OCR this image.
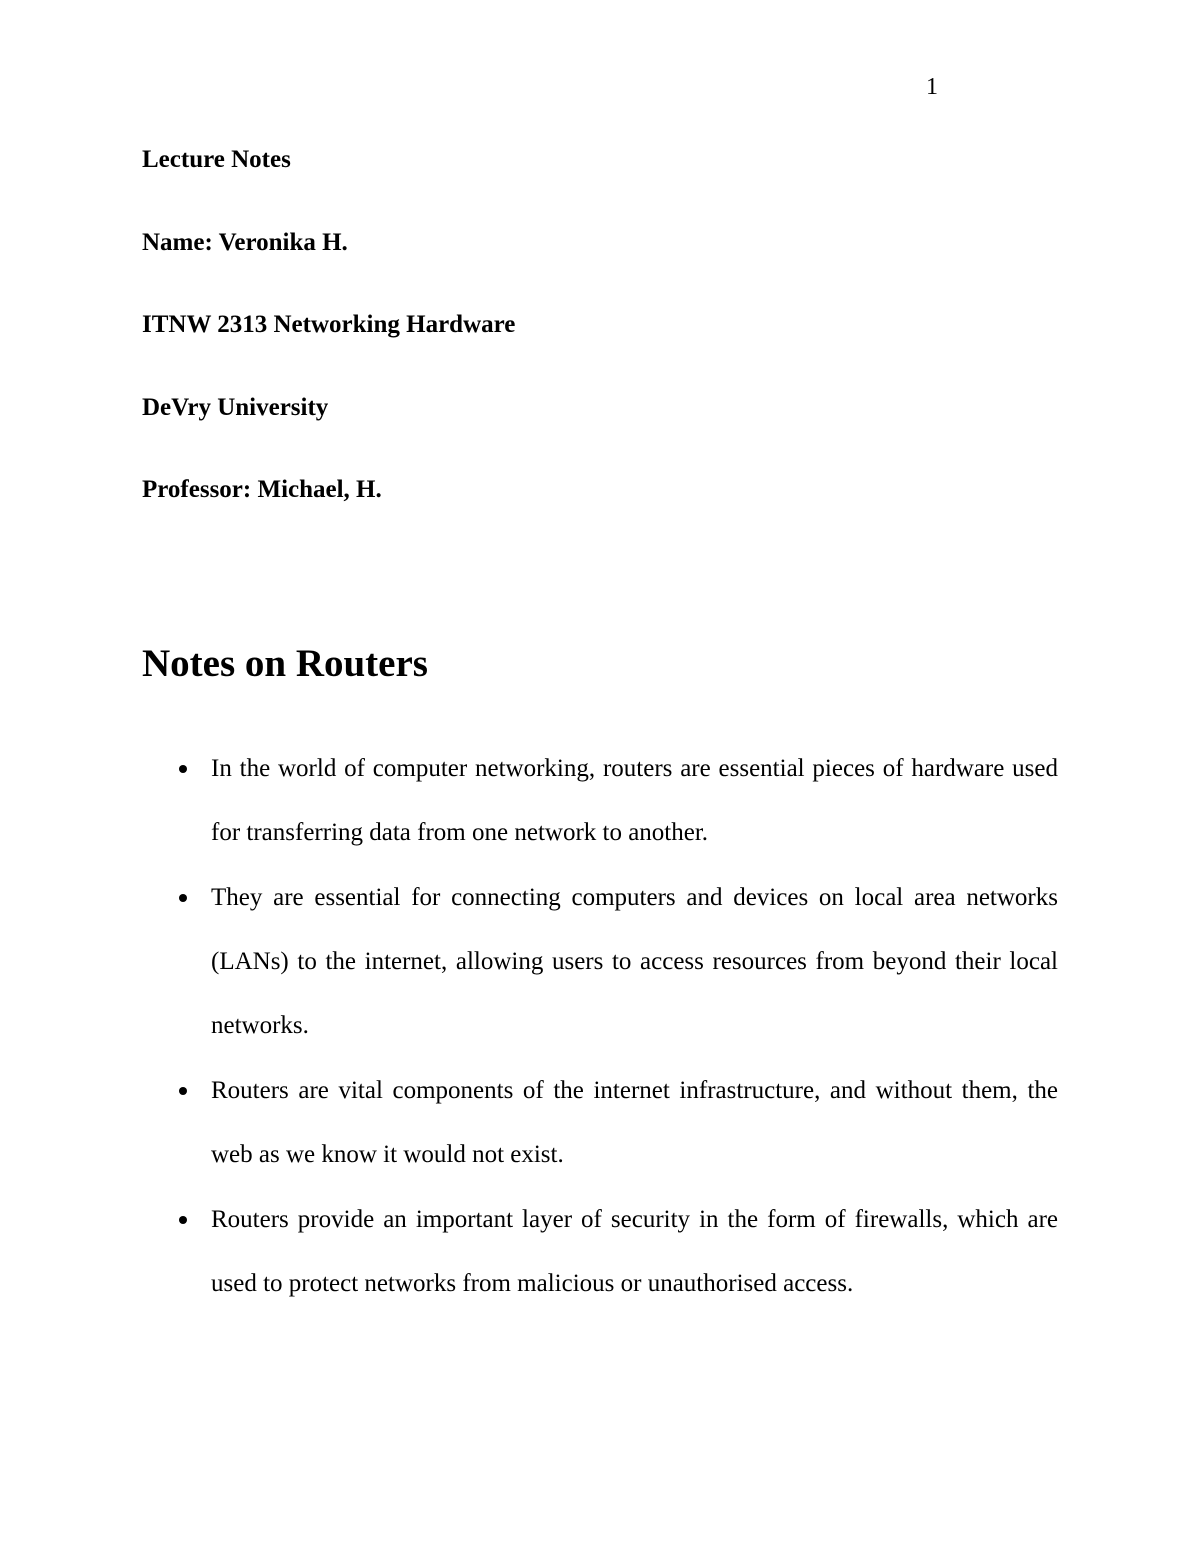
1

Lecture Notes

Name: Veronika H.

ITNW 2313 Networking Hardware

DeVry University

Professor: Michael, H.

Notes on Routers
In the world of computer networking, routers are essential pieces of hardware used for transferring data from one network to another.
They are essential for connecting computers and devices on local area networks (LANs) to the internet, allowing users to access resources from beyond their local networks.
Routers are vital components of the internet infrastructure, and without them, the web as we know it would not exist.
Routers provide an important layer of security in the form of firewalls, which are used to protect networks from malicious or unauthorised access.
